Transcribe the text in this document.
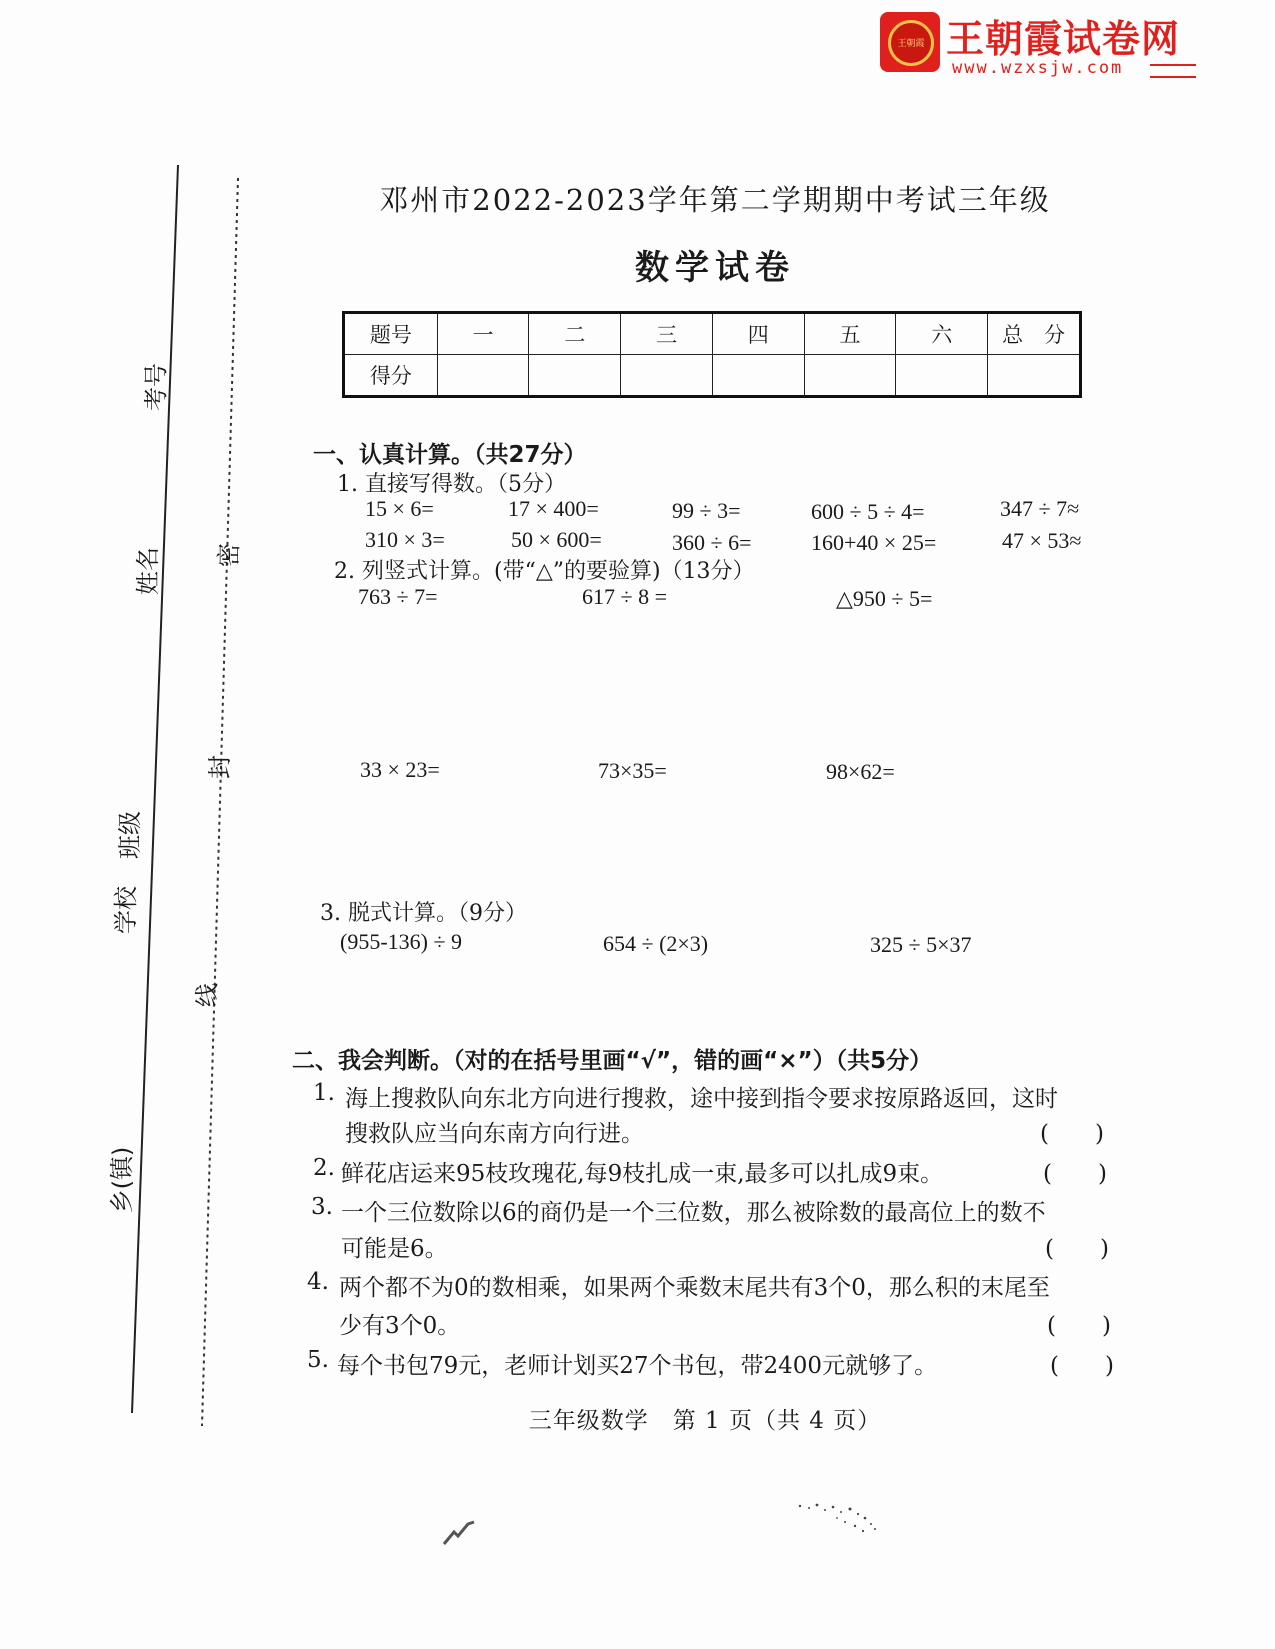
王朝霞 王朝霞试卷网
www.wzxsjw.com
考号
姓名
班级
学校
乡(镇)
密
封
线
邓州市2022-2023学年第二学期期中考试三年级
数学试卷
题号	一	二	三	四	五	六	总　分
得分							
一、认真计算。（共27分）
1. 直接写得数。（5分）
15 × 6=	17 × 400=	99 ÷ 3=	600 ÷ 5 ÷ 4=	347 ÷ 7≈
310 × 3=	50 × 600=	360 ÷ 6=	160+40 × 25=	47 × 53≈
2. 列竖式计算。(带“△”的要验算)（13分）
763 ÷ 7=	617 ÷ 8 =	△950 ÷ 5=
33 × 23=	73×35=	98×62=
3. 脱式计算。（9分）
(955-136) ÷ 9	654 ÷ (2×3)	325 ÷ 5×37
二、我会判断。（对的在括号里画“√”，错的画“×”）（共5分）
1. 海上搜救队向东北方向进行搜救，途中接到指令要求按原路返回，这时
搜救队应当向东南方向行进。	(　　)
2. 鲜花店运来95枝玫瑰花,每9枝扎成一束,最多可以扎成9束。	(　　)
3. 一个三位数除以6的商仍是一个三位数，那么被除数的最高位上的数不
可能是6。	(　　)
4. 两个都不为0的数相乘，如果两个乘数末尾共有3个0，那么积的末尾至
少有3个0。	(　　)
5. 每个书包79元，老师计划买27个书包，带2400元就够了。	(　　)
三年级数学　第 1 页（共 4 页）
